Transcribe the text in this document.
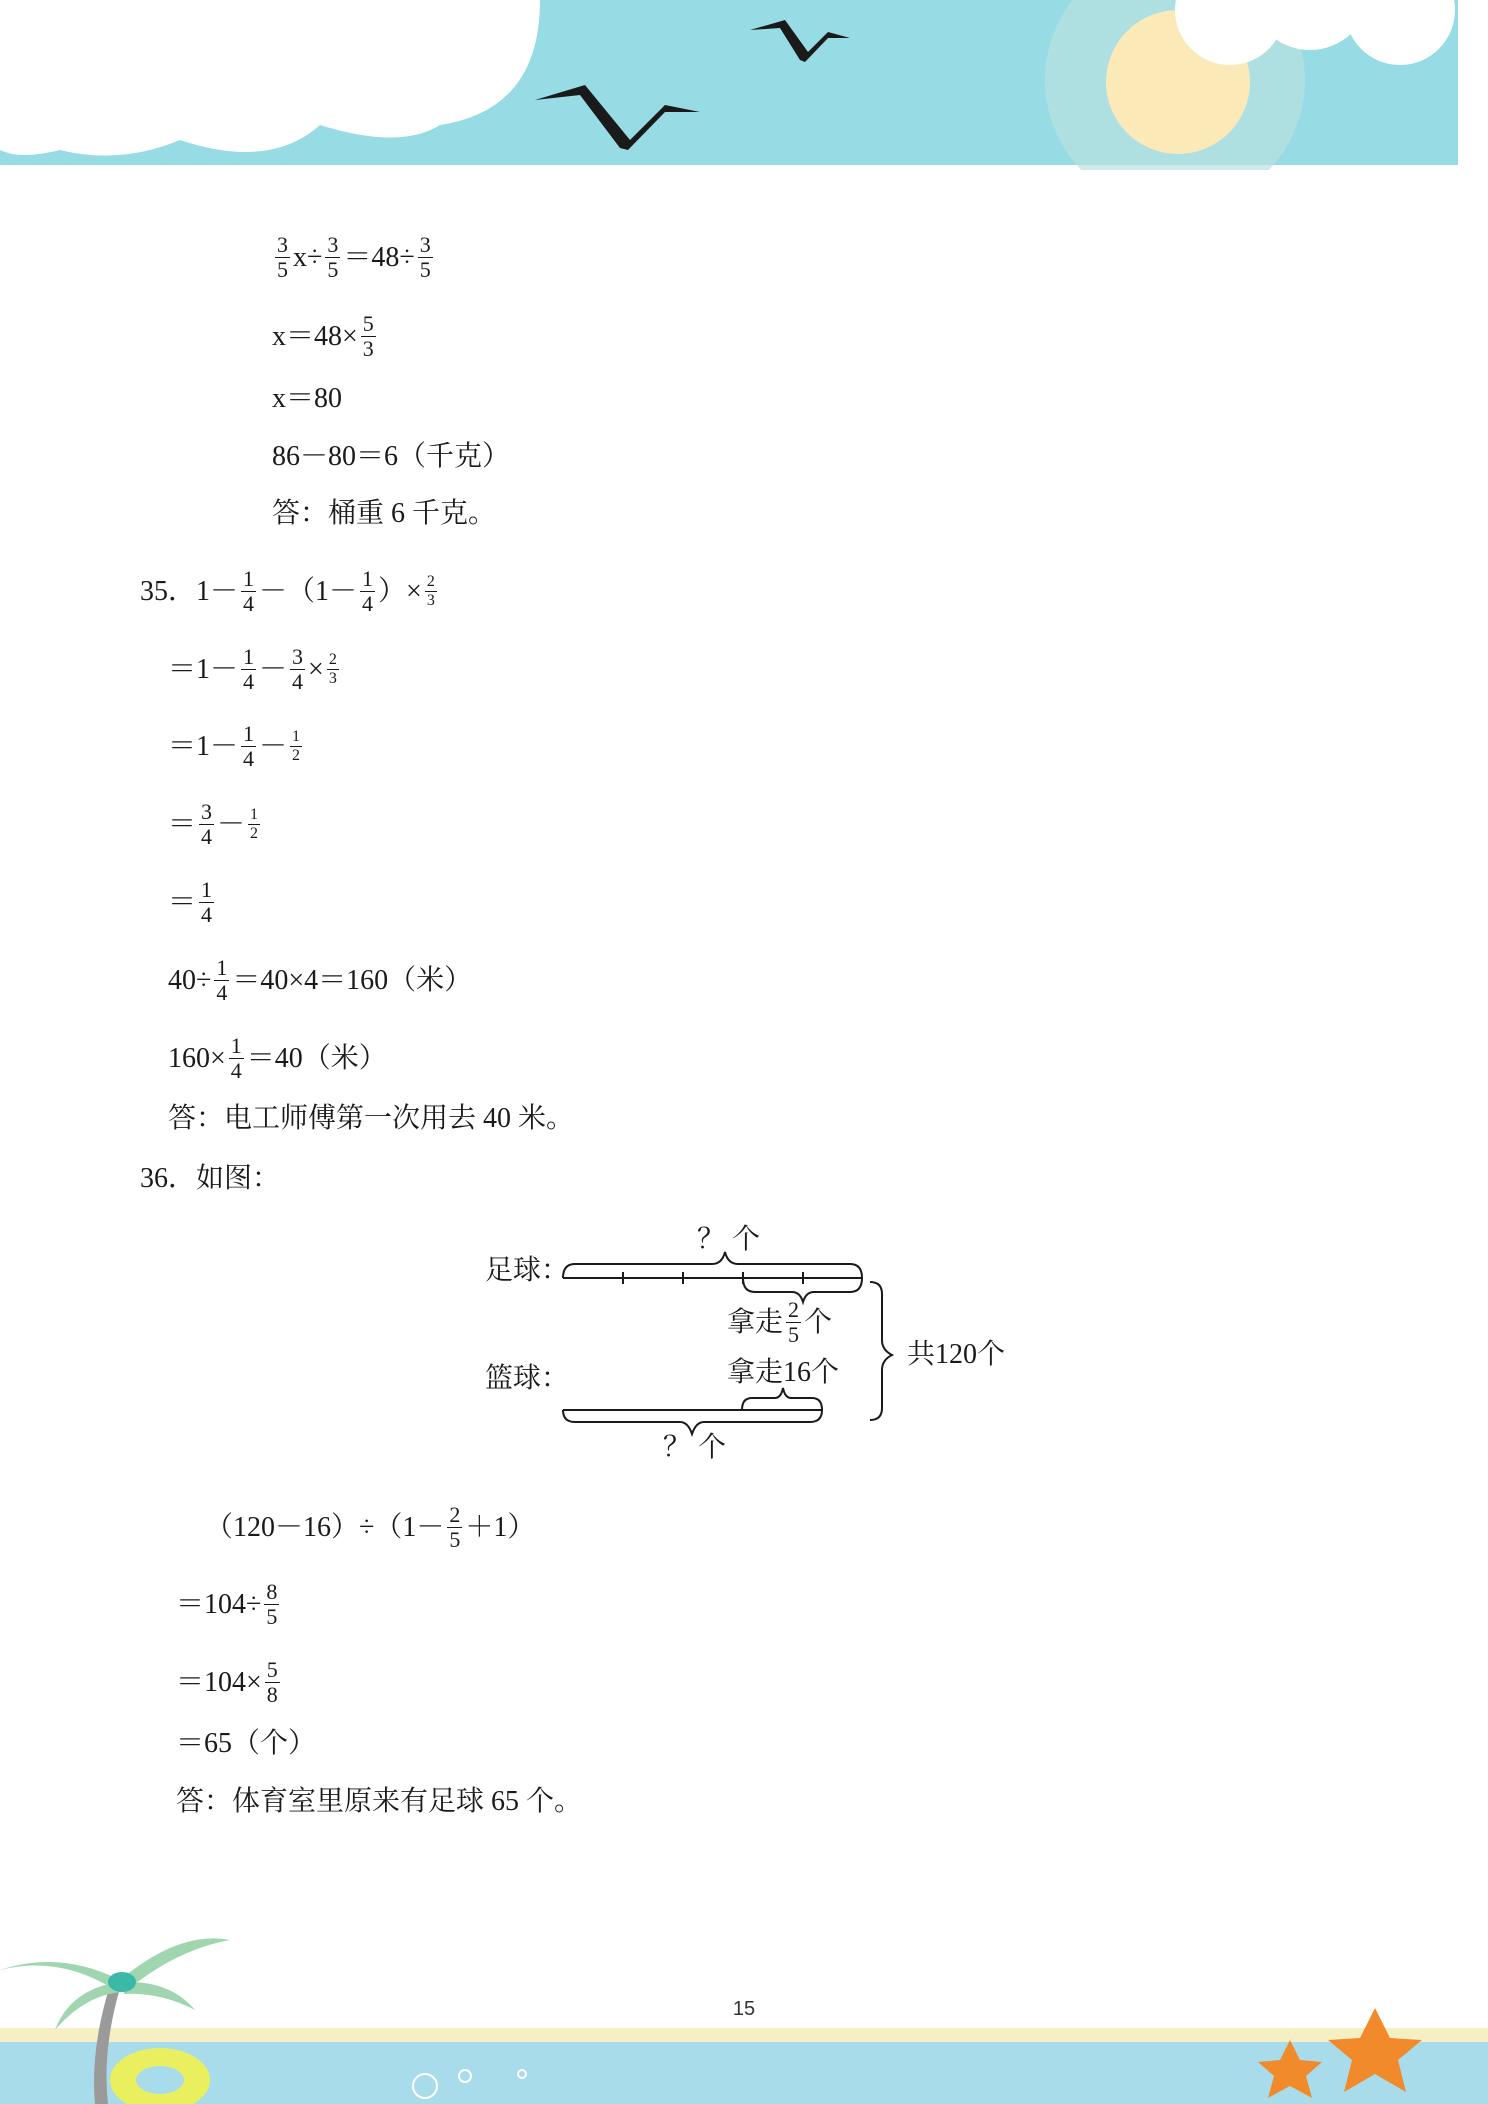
$\frac{3}{5} x\div \frac{3}{5} =48\div \frac{3}{5}$
$x=48\times \frac{5}{3}$
x＝80
86－80＝6（千克）
答：桶重 6 千克。
35． $1- \frac{1}{4} -(1- \frac{1}{4}$ ）× $\frac{2}{3}$
$=1- \frac{1}{4} - \frac{3}{4} \times \frac{2}{3}$
$=1- \frac{1}{4} - \frac{1}{2}$
＝ $\frac{3}{4} - \frac{1}{2}$
＝ $\frac{1}{4}$
$40\div \frac{1}{4} =40\times 4=160$（米）
$160\times \frac{1}{4} =40$（米）
答：电工师傅第一次用去 40 米。
36． 如图：
足球：
？ 个
拿走 $\frac{2}{5}$ 个
共120个
篮球：	拿走16个
？ 个
$(120-16)\div(1- \frac{2}{5} +1)$
$=104\div \frac{8}{5}$
$=104\times \frac{5}{8}$
＝65（个）
答：体育室里原来有足球 65 个。
15
